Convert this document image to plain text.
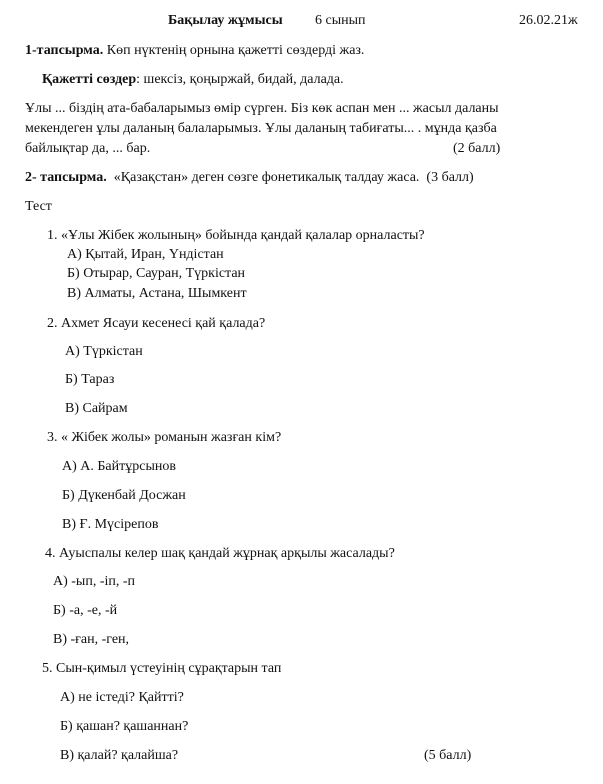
Бақылау жұмысы 6 сынып	26.02.21ж
1-тапсырма. Көп нүктенің орнына қажетті сөздерді жаз.
Қажетті сөздер: шексіз, қоңыржай, бидай, далада.
Ұлы ... біздің ата-бабаларымыз өмір сүрген. Біз көк аспан мен ... жасыл даланы
мекендеген ұлы даланың балаларымыз. Ұлы даланың табиғаты... . мұнда қазба
байлықтар да, ... бар.	(2 балл)
2- тапсырма. «Қазақстан» деген сөзге фонетикалық талдау жаса. (3 балл)
Тест
1. «Ұлы Жібек жолының» бойында қандай қалалар орналасты?
А) Қытай, Иран, Үндістан
Б) Отырар, Сауран, Түркістан
В) Алматы, Астана, Шымкент
2. Ахмет Ясауи кесенесі қай қалада?
А) Түркістан
Б) Тараз
В) Сайрам
3. « Жібек жолы» романын жазған кім?
А) А. Байтұрсынов
Б) Дүкенбай Досжан
В) Ғ. Мүсірепов
4. Ауыспалы келер шақ қандай жұрнақ арқылы жасалады?
А) -ып, -іп, -п
Б) -а, -е, -й
В) -ған, -ген,
5. Сын-қимыл үстеуінің сұрақтарын тап
А) не істеді? Қайтті?
Б) қашан? қашаннан?
В) қалай? қалайша?	(5 балл)
